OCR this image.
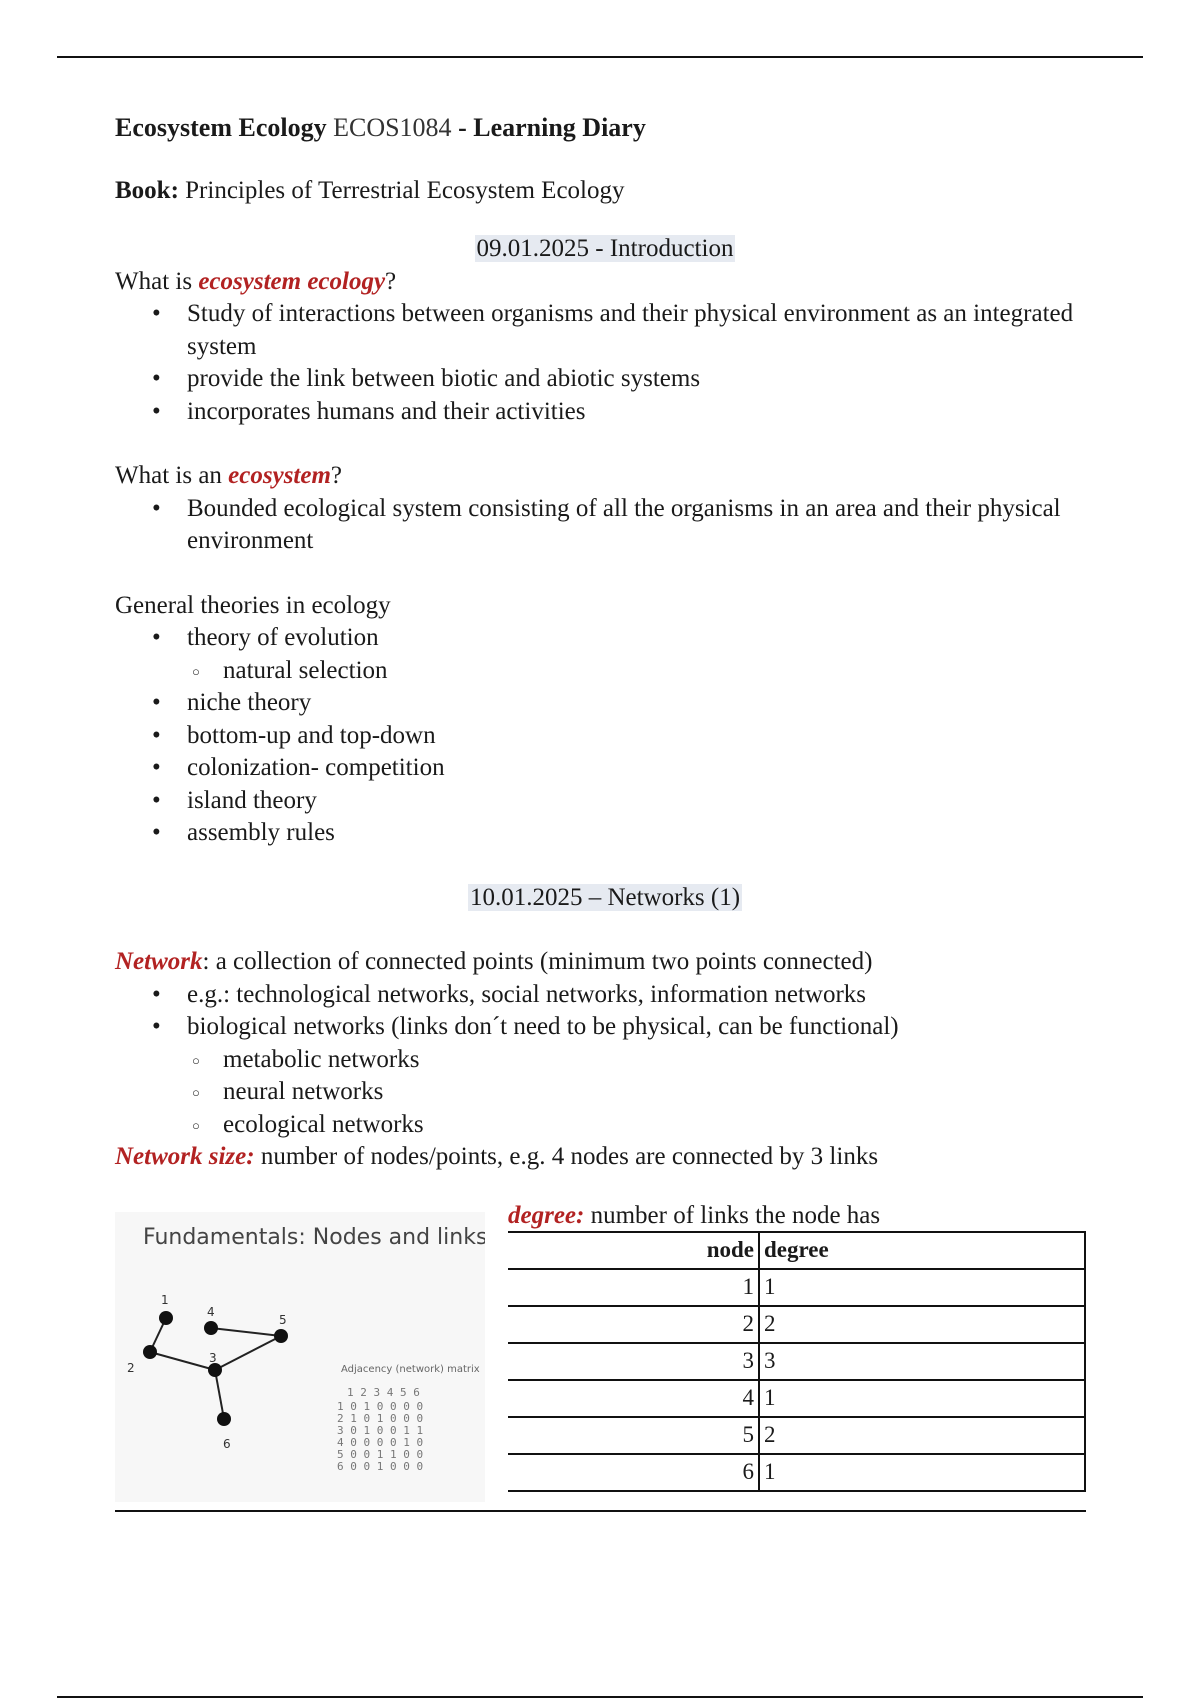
Ecosystem Ecology ECOS1084 - Learning Diary
Book: Principles of Terrestrial Ecosystem Ecology

09.01.2025 - Introduction

What is ecosystem ecology?

• Study of interactions between organisms and their physical environment as an integrated system
• provide the link between biotic and abiotic systems
• incorporates humans and their activities

What is an ecosystem?

• Bounded ecological system consisting of all the organisms in an area and their physical environment

General theories in ecology

• theory of evolution
○ natural selection
• niche theory
• bottom-up and top-down
• colonization- competition
• island theory
• assembly rules

10.01.2025 – Networks (1)

Network: a collection of connected points (minimum two points connected)

• e.g.: technological networks, social networks, information networks
• biological networks (links don´t need to be physical, can be functional)
○ metabolic networks
○ neural networks
○ ecological networks

Network size: number of nodes/points, e.g. 4 nodes are connected by 3 links

Fundamentals: Nodes and links
1
2
3
4
5
6
Adjacency (network) matrix
1 2 3 4 5 6
1 0 1 0 0 0 0
2 1 0 1 0 0 0
3 0 1 0 0 1 1
4 0 0 0 0 1 0
5 0 0 1 1 0 0
6 0 0 1 0 0 0
degree: number of links the node has
node	degree
1	1
2	2
3	3
4	1
5	2
6	1
